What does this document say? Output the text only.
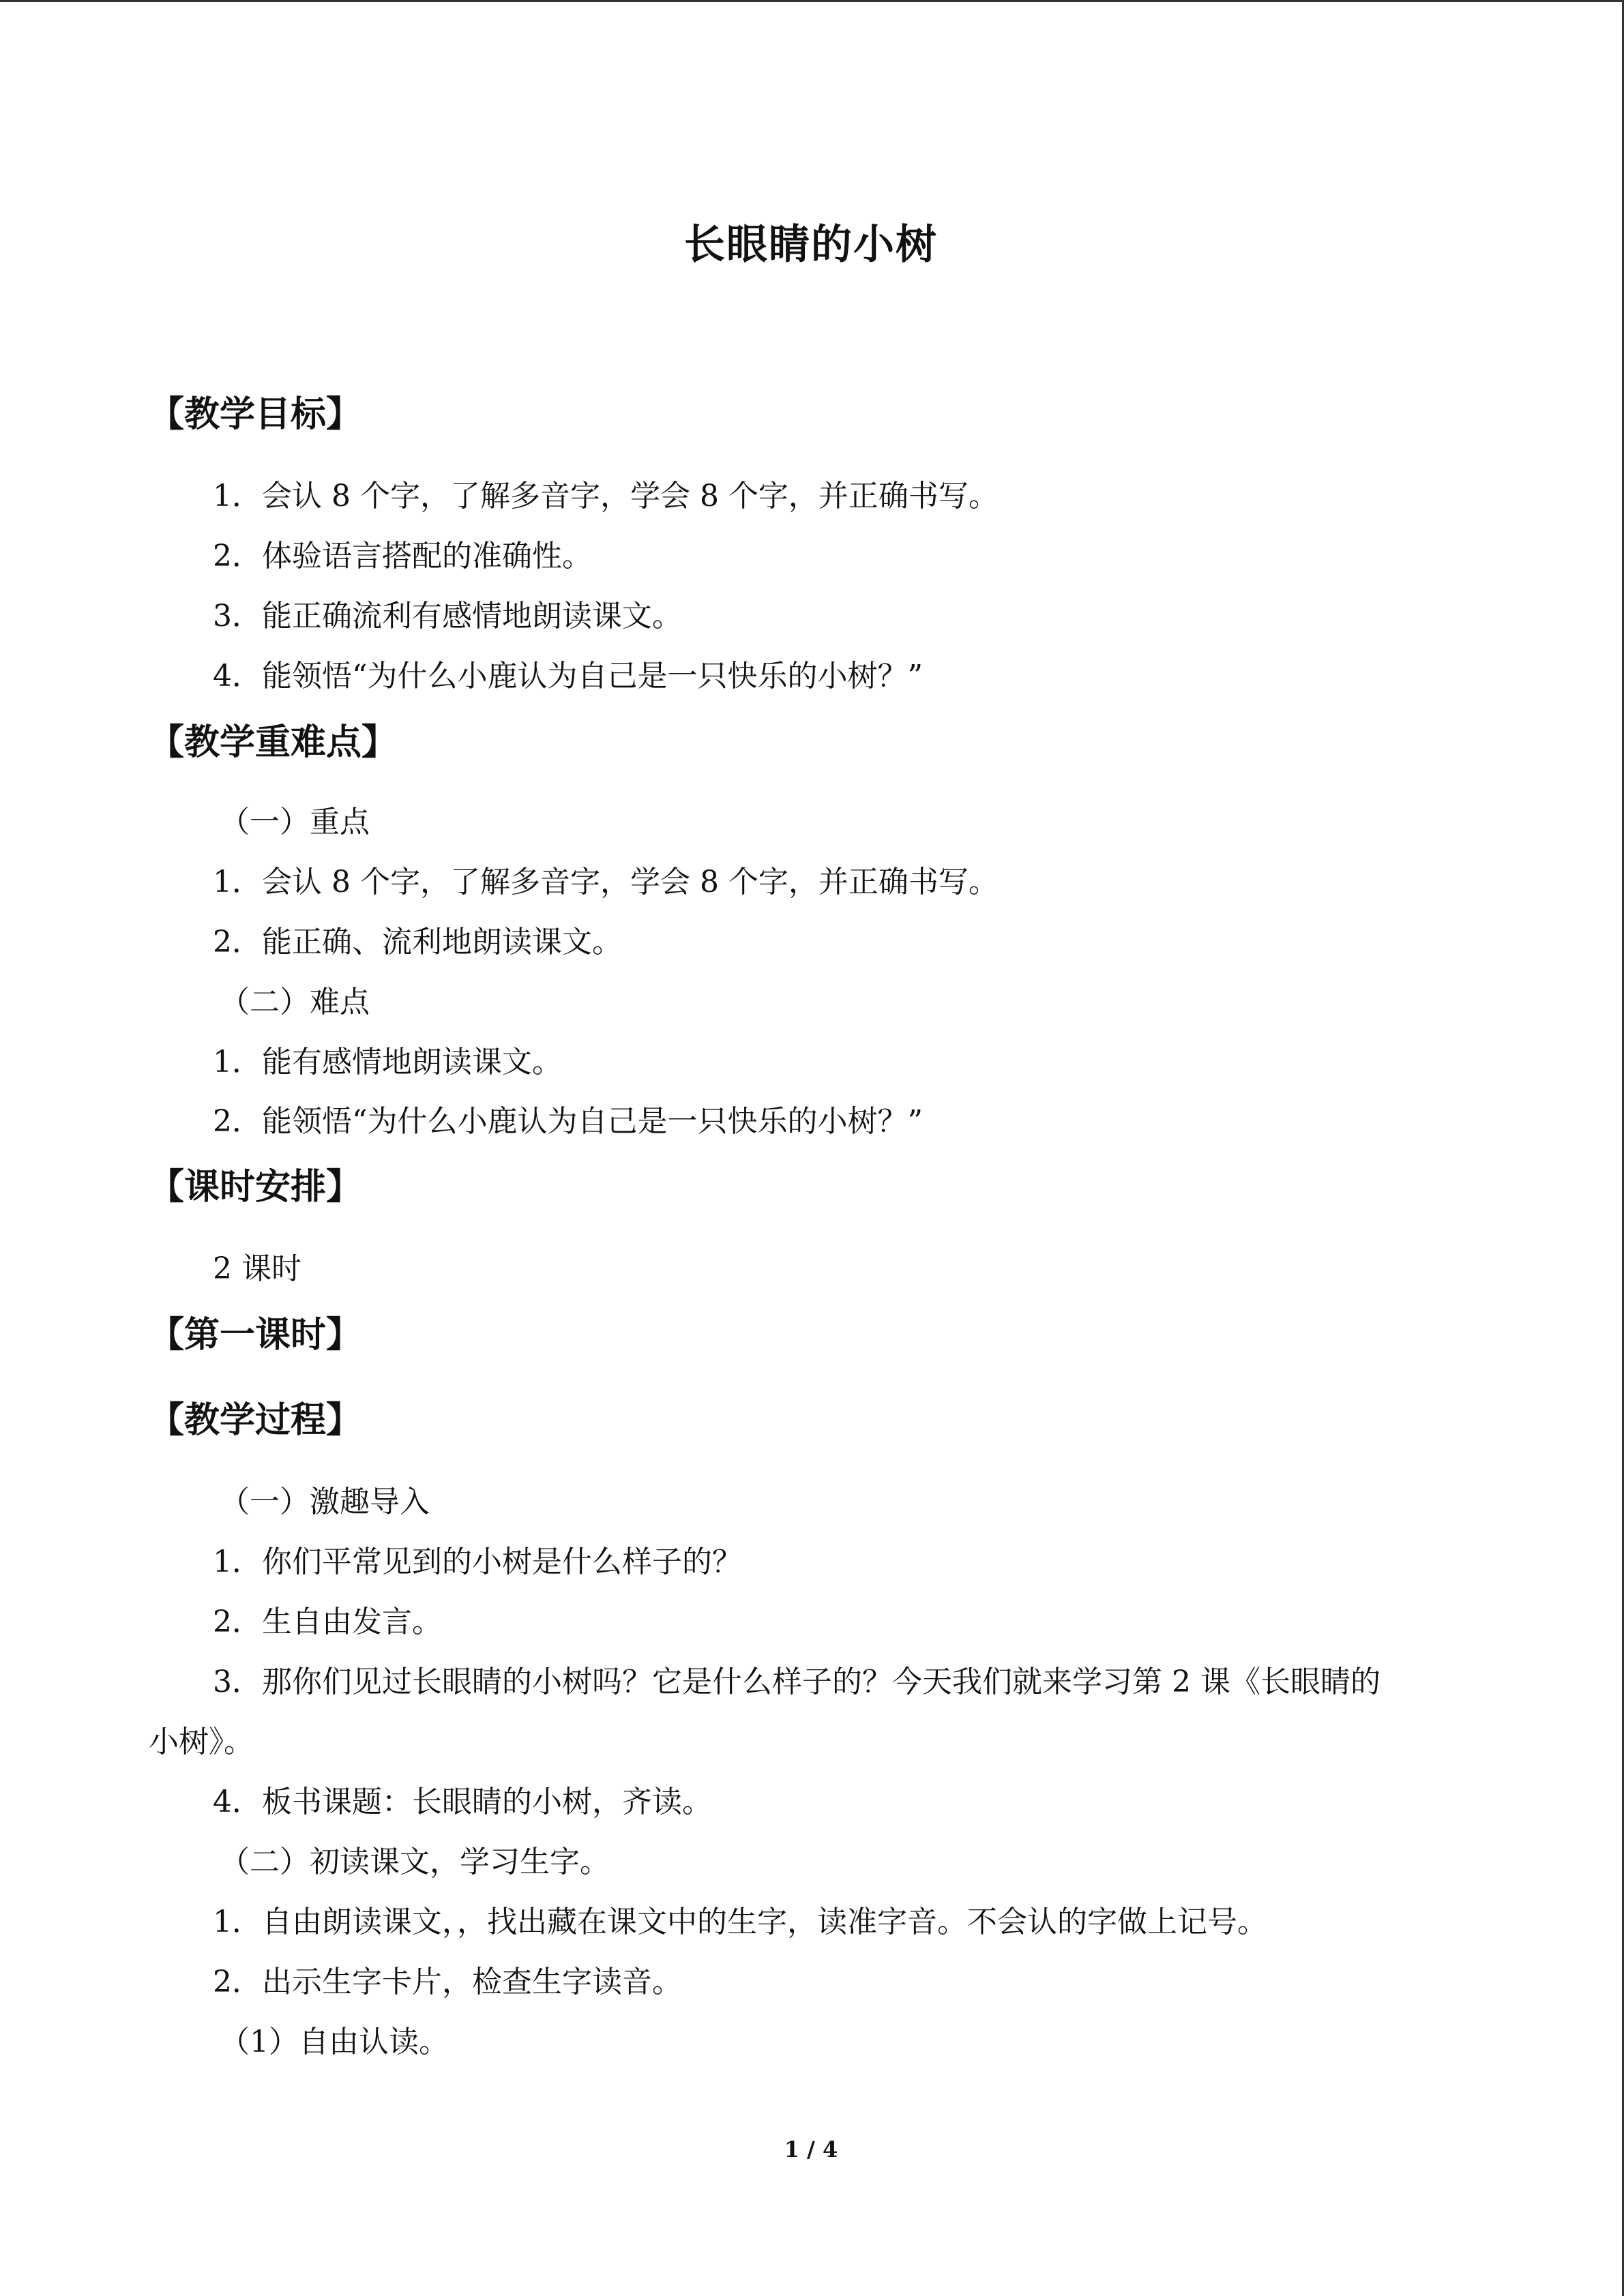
长眼睛的小树
【教学目标】
1．会认 8 个字，了解多音字，学会 8 个字，并正确书写。
2．体验语言搭配的准确性。
3．能正确流利有感情地朗读课文。
4．能领悟“为什么小鹿认为自己是一只快乐的小树？”
【教学重难点】
（一）重点
1．会认 8 个字，了解多音字，学会 8 个字，并正确书写。
2．能正确、流利地朗读课文。
（二）难点
1．能有感情地朗读课文。
2．能领悟“为什么小鹿认为自己是一只快乐的小树？”
【课时安排】
2 课时
【第一课时】
【教学过程】
（一）激趣导入
1．你们平常见到的小树是什么样子的？
2．生自由发言。
3．那你们见过长眼睛的小树吗？它是什么样子的？今天我们就来学习第 2 课《长眼睛的
小树》。
4．板书课题：长眼睛的小树，齐读。
（二）初读课文，学习生字。
1．自由朗读课文，，找出藏在课文中的生字，读准字音。不会认的字做上记号。
2．出示生字卡片，检查生字读音。
（1）自由认读。
1 / 4
